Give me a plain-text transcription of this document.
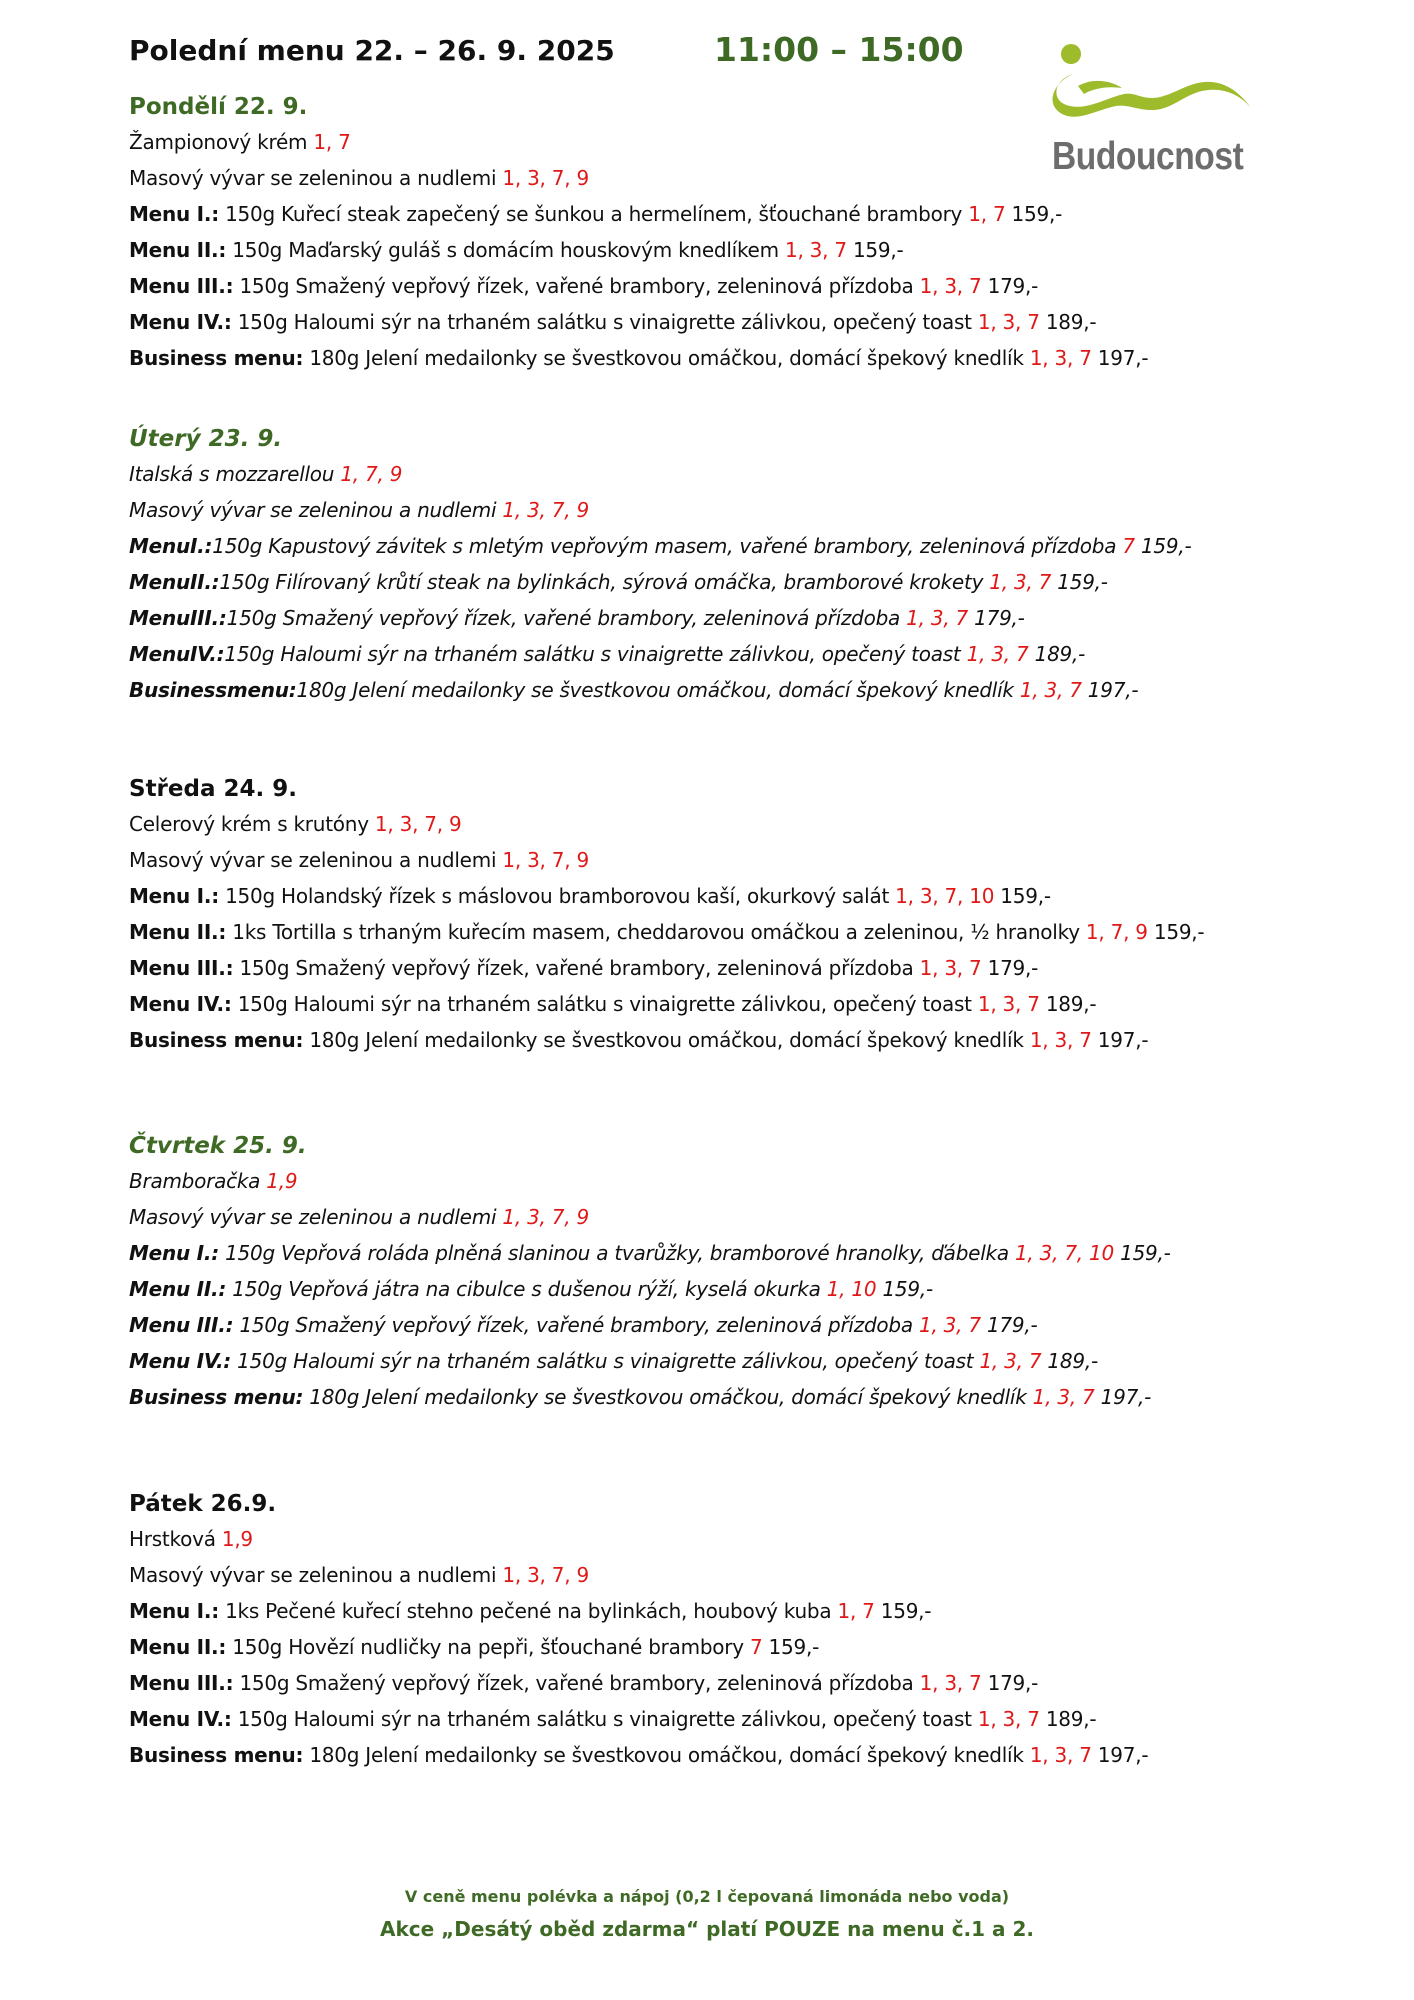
Polední menu 22. – 26. 9. 2025	11:00 – 15:00
Budoucnost
Pondělí 22. 9.
Žampionový krém 1, 7
Masový vývar se zeleninou a nudlemi 1, 3, 7, 9
Menu I.: 150g Kuřecí steak zapečený se šunkou a hermelínem, šťouchané brambory 1, 7 159,-
Menu II.: 150g Maďarský guláš s domácím houskovým knedlíkem 1, 3, 7 159,-
Menu III.: 150g Smažený vepřový řízek, vařené brambory, zeleninová přízdoba 1, 3, 7 179,-
Menu IV.: 150g Haloumi sýr na trhaném salátku s vinaigrette zálivkou, opečený toast 1, 3, 7 189,-
Business menu: 180g Jelení medailonky se švestkovou omáčkou, domácí špekový knedlík 1, 3, 7 197,-
Úterý 23. 9.
Italská s mozzarellou 1, 7, 9
Masový vývar se zeleninou a nudlemi 1, 3, 7, 9
MenuI.:150g Kapustový závitek s mletým vepřovým masem, vařené brambory, zeleninová přízdoba 7 159,-
MenuII.:150g Filírovaný krůtí steak na bylinkách, sýrová omáčka, bramborové krokety 1, 3, 7 159,-
MenuIII.:150g Smažený vepřový řízek, vařené brambory, zeleninová přízdoba 1, 3, 7 179,-
MenuIV.:150g Haloumi sýr na trhaném salátku s vinaigrette zálivkou, opečený toast 1, 3, 7 189,-
Businessmenu:180g Jelení medailonky se švestkovou omáčkou, domácí špekový knedlík 1, 3, 7 197,-
Středa 24. 9.
Celerový krém s krutóny 1, 3, 7, 9
Masový vývar se zeleninou a nudlemi 1, 3, 7, 9
Menu I.: 150g Holandský řízek s máslovou bramborovou kaší, okurkový salát 1, 3, 7, 10 159,-
Menu II.: 1ks Tortilla s trhaným kuřecím masem, cheddarovou omáčkou a zeleninou, ½ hranolky 1, 7, 9 159,-
Menu III.: 150g Smažený vepřový řízek, vařené brambory, zeleninová přízdoba 1, 3, 7 179,-
Menu IV.: 150g Haloumi sýr na trhaném salátku s vinaigrette zálivkou, opečený toast 1, 3, 7 189,-
Business menu: 180g Jelení medailonky se švestkovou omáčkou, domácí špekový knedlík 1, 3, 7 197,-
Čtvrtek 25. 9.
Bramboračka 1,9
Masový vývar se zeleninou a nudlemi 1, 3, 7, 9
Menu I.: 150g Vepřová roláda plněná slaninou a tvarůžky, bramborové hranolky, ďábelka 1, 3, 7, 10 159,-
Menu II.: 150g Vepřová játra na cibulce s dušenou rýží, kyselá okurka 1, 10 159,-
Menu III.: 150g Smažený vepřový řízek, vařené brambory, zeleninová přízdoba 1, 3, 7 179,-
Menu IV.: 150g Haloumi sýr na trhaném salátku s vinaigrette zálivkou, opečený toast 1, 3, 7 189,-
Business menu: 180g Jelení medailonky se švestkovou omáčkou, domácí špekový knedlík 1, 3, 7 197,-
Pátek 26.9.
Hrstková 1,9
Masový vývar se zeleninou a nudlemi 1, 3, 7, 9
Menu I.: 1ks Pečené kuřecí stehno pečené na bylinkách, houbový kuba 1, 7 159,-
Menu II.: 150g Hovězí nudličky na pepři, šťouchané brambory 7 159,-
Menu III.: 150g Smažený vepřový řízek, vařené brambory, zeleninová přízdoba 1, 3, 7 179,-
Menu IV.: 150g Haloumi sýr na trhaném salátku s vinaigrette zálivkou, opečený toast 1, 3, 7 189,-
Business menu: 180g Jelení medailonky se švestkovou omáčkou, domácí špekový knedlík 1, 3, 7 197,-
V ceně menu polévka a nápoj (0,2 l čepovaná limonáda nebo voda)
Akce „Desátý oběd zdarma“ platí POUZE na menu č.1 a 2.
